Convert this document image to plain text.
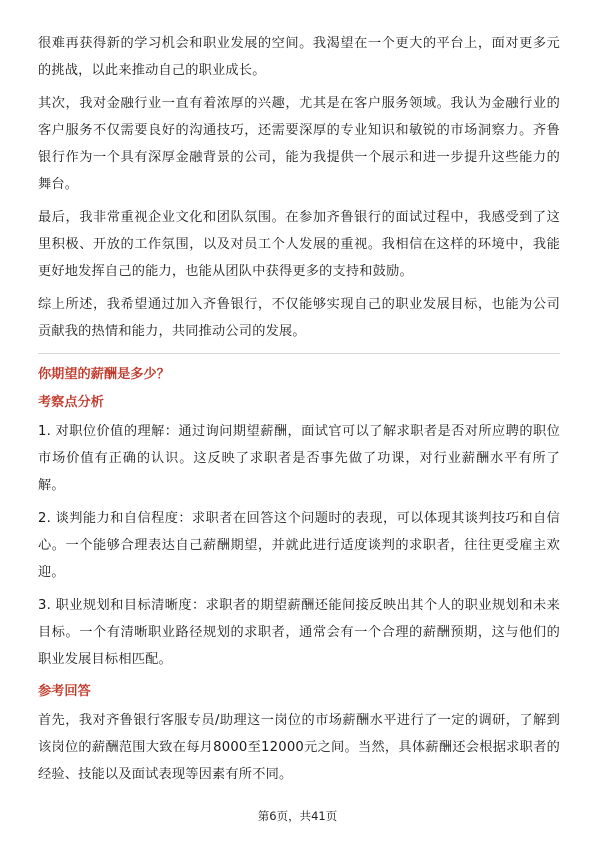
很难再获得新的学习机会和职业发展的空间。我渴望在一个更大的平台上，面对更多元的挑战，以此来推动自己的职业成长。

其次，我对金融行业一直有着浓厚的兴趣，尤其是在客户服务领域。我认为金融行业的客户服务不仅需要良好的沟通技巧，还需要深厚的专业知识和敏锐的市场洞察力。齐鲁银行作为一个具有深厚金融背景的公司，能为我提供一个展示和进一步提升这些能力的舞台。

最后，我非常重视企业文化和团队氛围。在参加齐鲁银行的面试过程中，我感受到了这里积极、开放的工作氛围，以及对员工个人发展的重视。我相信在这样的环境中，我能更好地发挥自己的能力，也能从团队中获得更多的支持和鼓励。

综上所述，我希望通过加入齐鲁银行，不仅能够实现自己的职业发展目标，也能为公司贡献我的热情和能力，共同推动公司的发展。

你期望的薪酬是多少？
考察点分析

1. 对职位价值的理解：通过询问期望薪酬，面试官可以了解求职者是否对所应聘的职位市场价值有正确的认识。这反映了求职者是否事先做了功课，对行业薪酬水平有所了解。

2. 谈判能力和自信程度：求职者在回答这个问题时的表现，可以体现其谈判技巧和自信心。一个能够合理表达自己薪酬期望，并就此进行适度谈判的求职者，往往更受雇主欢迎。

3. 职业规划和目标清晰度：求职者的期望薪酬还能间接反映出其个人的职业规划和未来目标。一个有清晰职业路径规划的求职者，通常会有一个合理的薪酬预期，这与他们的职业发展目标相匹配。

参考回答

首先，我对齐鲁银行客服专员/助理这一岗位的市场薪酬水平进行了一定的调研，了解到该岗位的薪酬范围大致在每月8000至12000元之间。当然，具体薪酬还会根据求职者的经验、技能以及面试表现等因素有所不同。

第6页，共41页
